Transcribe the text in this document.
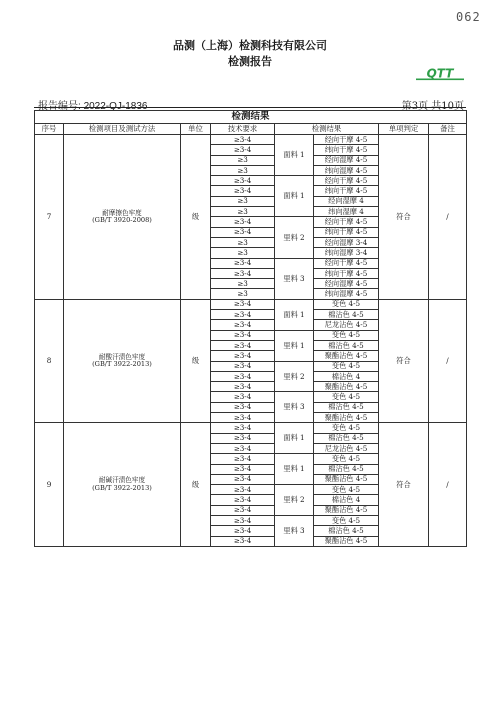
062
品测（上海）检测科技有限公司
检测报告
QTT
报告编号: 2022-QJ-1836	第3页 共10页
检测结果							
序号	检测项目及测试方法	单位	技术要求	检测结果		单项判定	备注
7	耐摩擦色牢度
(GB/T 3920-2008)	级	≥3-4	面料 1	经向干摩 4-5	符合	/
			≥3-4		纬向干摩 4-5		
			≥3		经向湿摩 4-5		
			≥3		纬向湿摩 4-5		
			≥3-4	面料 1	经向干摩 4-5		
			≥3-4		纬向干摩 4-5		
			≥3		经向湿摩 4		
			≥3		纬向湿摩 4		
			≥3-4	里料 2	经向干摩 4-5		
			≥3-4		纬向干摩 4-5		
			≥3		经向湿摩 3-4		
			≥3		纬向湿摩 3-4		
			≥3-4	里料 3	经向干摩 4-5		
			≥3-4		纬向干摩 4-5		
			≥3		经向湿摩 4-5		
			≥3		纬向湿摩 4-5		
8	耐酸汗渍色牢度
(GB/T 3922-2013)	级	≥3-4	面料 1	变色 4-5	符合	/
			≥3-4		棉沾色 4-5		
			≥3-4		尼龙沾色 4-5		
			≥3-4	里料 1	变色 4-5		
			≥3-4		棉沾色 4-5		
			≥3-4		聚酯沾色 4-5		
			≥3-4	里料 2	变色 4-5		
			≥3-4		棉沾色 4		
			≥3-4		聚酯沾色 4-5		
			≥3-4	里料 3	变色 4-5		
			≥3-4		棉沾色 4-5		
			≥3-4		聚酯沾色 4-5		
9	耐碱汗渍色牢度
(GB/T 3922-2013)	级	≥3-4	面料 1	变色 4-5	符合	/
			≥3-4		棉沾色 4-5		
			≥3-4		尼龙沾色 4-5		
			≥3-4	里料 1	变色 4-5		
			≥3-4		棉沾色 4-5		
			≥3-4		聚酯沾色 4-5		
			≥3-4	里料 2	变色 4-5		
			≥3-4		棉沾色 4		
			≥3-4		聚酯沾色 4-5		
			≥3-4	里料 3	变色 4-5		
			≥3-4		棉沾色 4-5		
			≥3-4		聚酯沾色 4-5		
